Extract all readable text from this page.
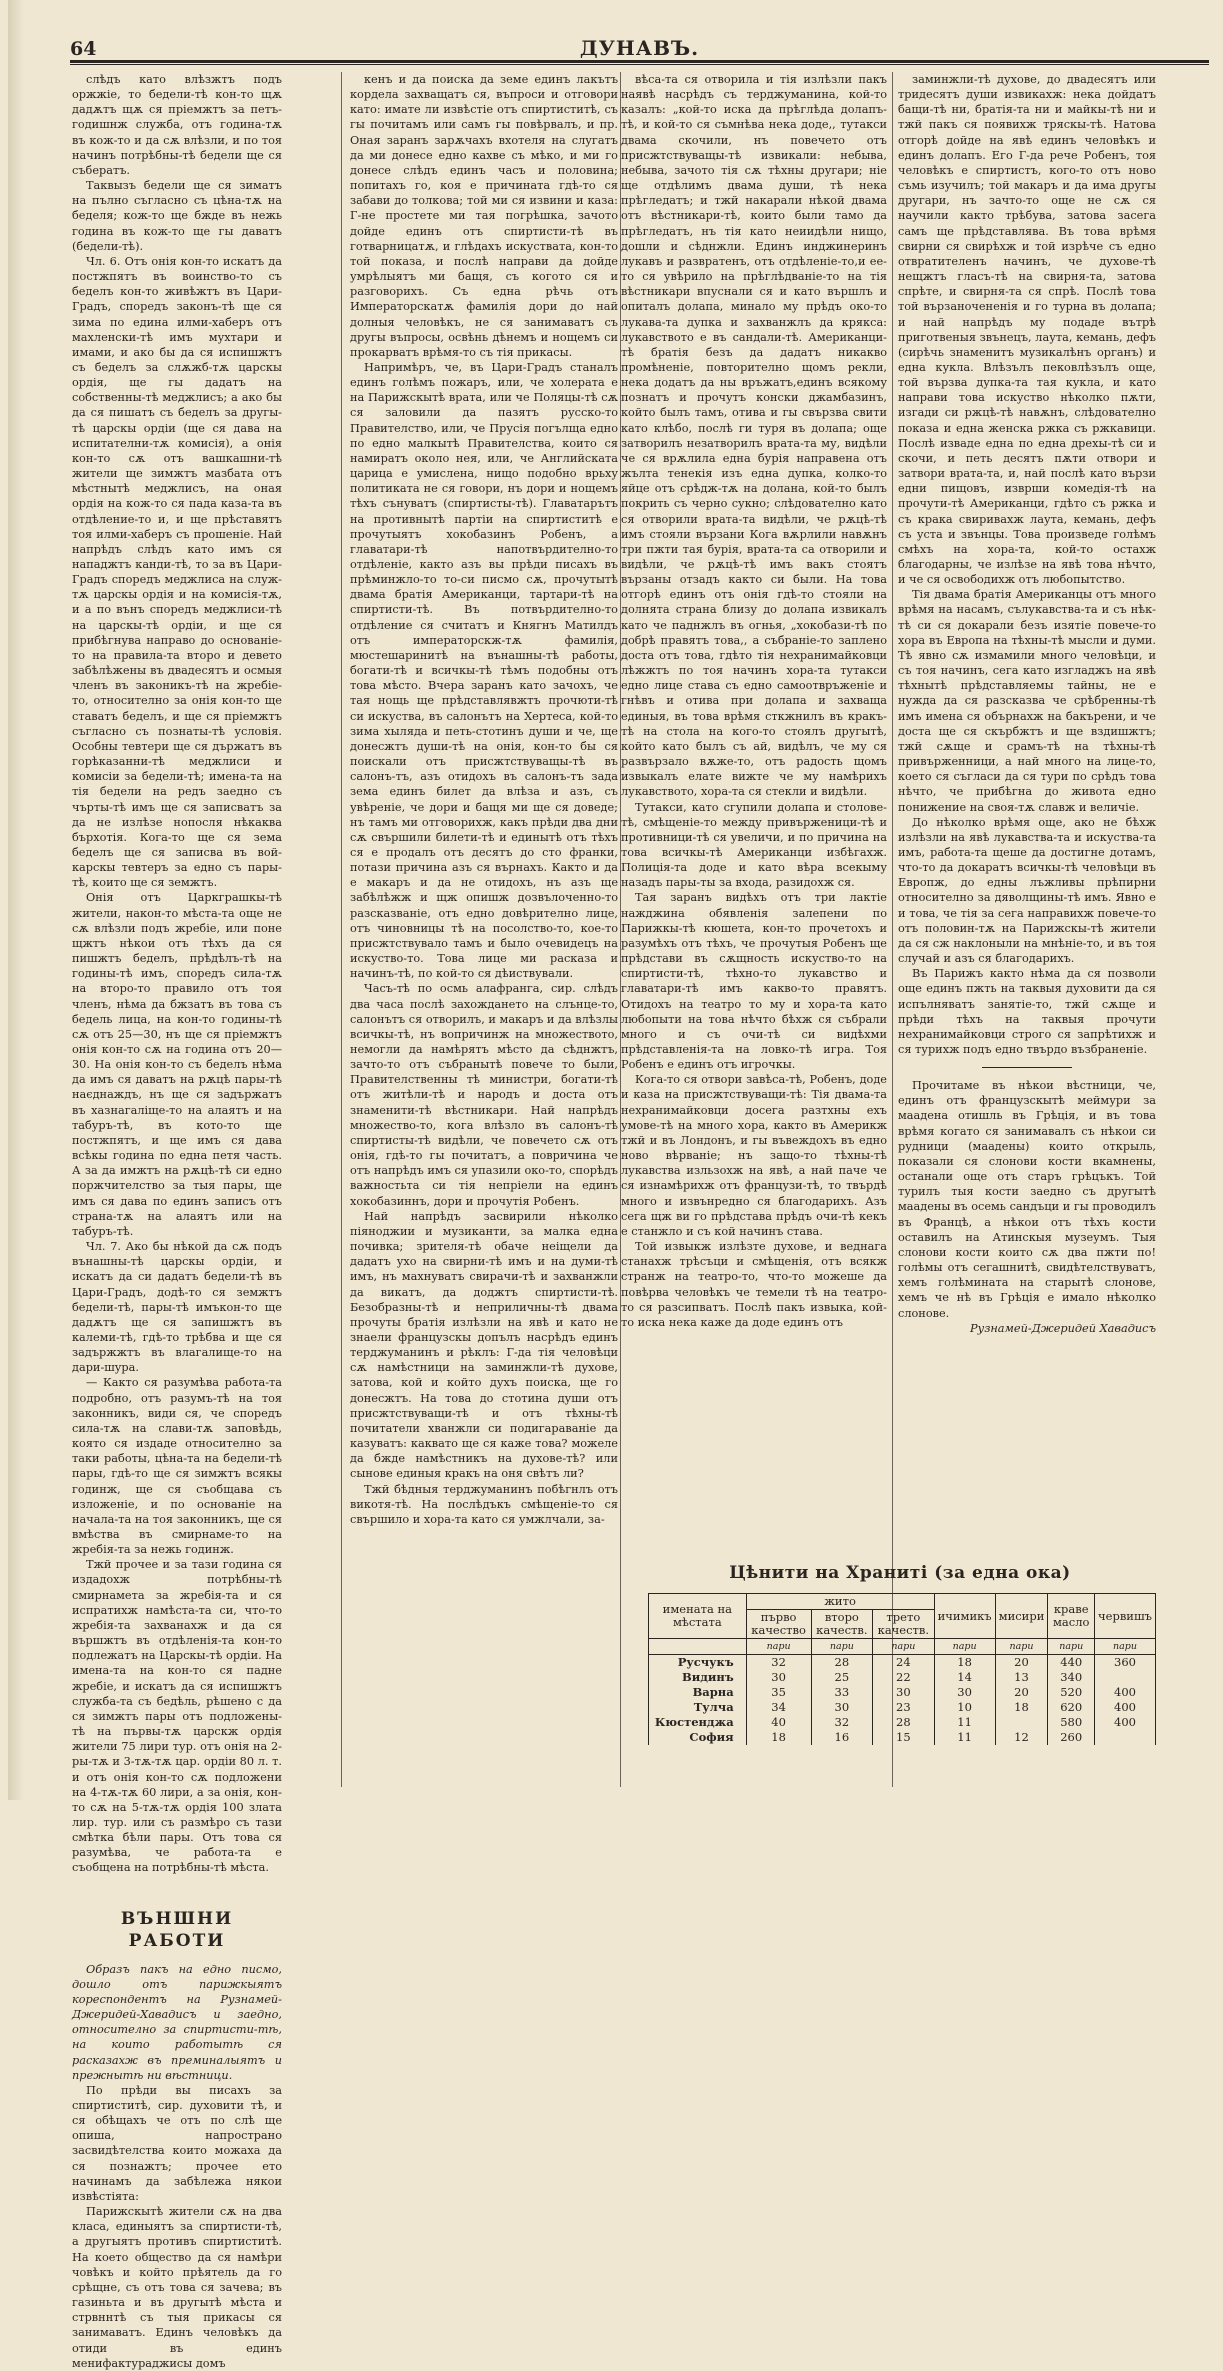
64	ДУНАВЪ.

слѣдъ като влѣзжтъ подъ оржжіе, то бедели-тѣ кон-то щѫ дадѫтъ щѫ ся пріемжтъ за петъ-годишнж служба, отъ година-тѫ въ кож-то и да сѫ влѣзли, и по тоя начинъ потрѣбны-тѣ бедели ще ся събератъ.

Таквызъ бедели ще ся зиматъ на пълно съгласно съ цѣна-тѫ на беделя; кож-то ще бжде въ нежь година въ кож-то ще гы даватъ (бедели-тѣ).

Чл. 6. Отъ онія кон-то искатъ да постжпятъ въ воинство-то съ беделъ кон-то живѣжтъ въ Цари-Градъ, споредъ законъ-тѣ ще ся зима по едина илми-хаберъ отъ махленски-тѣ имъ мухтари и имами, и ако бы да ся испишжтъ съ беделъ за слѫжб-тѫ царскы ордія, ще гы дадатъ на собственны-тѣ меджлисъ; а ако бы да ся пишатъ съ беделъ за другы-тѣ царскы ордіи (ще ся дава на испитателни-тѫ комисія), а онія кон-то сѫ отъ вашкашни-тѣ жители ще зимжтъ мазбата отъ мѣстнытѣ меджлисъ, на оная ордія на кож-то ся пада каза-та въ отдѣление-то и, и ще прѣставятъ тоя илми-хаберъ съ прошеніе. Най напрѣдъ слѣдъ като имъ ся нападжтъ канди-тѣ, то за въ Цари-Градъ споредъ меджлиса на служ-тѫ царскы ордія и на комисія-тѫ, и а по вънъ споредъ меджлиси-тѣ на царскы-тѣ ордіи, и ще ся прибѣгнува направо до основаніе-то на правила-та второ и девето забѣлѣжены въ двадесятъ и осмыя членъ въ законикъ-тѣ на жребіе-то, относително за онія кон-то ще ставатъ беделъ, и ще ся пріемжтъ съгласно съ познаты-тѣ условія. Особны тевтери ще ся държатъ въ горѣказанни-тѣ меджлиси и комисіи за бедели-тѣ; имена-та на тія бедели на редъ заедно съ чърты-тѣ имъ ще ся записватъ за да не излѣзе нопосля нѣкаква бърхотія. Кога-то ще ся зема беделъ ще ся записва въ вой-карскы тевтеръ за едно съ пары-тѣ, които ще ся земжтъ.

Онія отъ Царкграшкы-тѣ жители, након-то мѣста-та още не сѫ влѣзли подъ жребіе, или поне щжтъ нѣкои отъ тѣхъ да ся пишжтъ беделъ, прѣдѣлъ-тѣ на годины-тѣ имъ, споредъ сила-тѫ на второ-то правило отъ тоя членъ, нѣма да бжзатъ въ това съ бедель лица, на кон-то годины-тѣ сѫ отъ 25—30, нъ ще ся пріемжтъ онія кон-то сѫ на година отъ 20—30. На онія кон-то съ беделъ нѣма да имъ ся даватъ на рѫцѣ пары-тѣ наєднаждъ, нъ ще ся задържатъ въ хазнагаліще-то на алаятъ и на табуръ-тѣ, въ кото-то ще постжпятъ, и ще имъ ся дава всѣкы година по една петя часть. А за да имжтъ на рѫцѣ-тѣ си едно поржчителство за тыя пары, ще имъ ся дава по единъ записъ отъ страна-тѫ на алаятъ или на табуръ-тѣ.

Чл. 7. Ако бы нѣкой да сѫ подъ вънашны-тѣ царскы ордіи, и искатъ да си дадатъ бедели-тѣ въ Цари-Градъ, додѣ-то ся земжтъ бедели-тѣ, пары-тѣ имъкон-то ще дадѫтъ ще ся запишжтъ въ калеми-тѣ, гдѣ-то трѣбва и ще ся задържжтъ въ влагалище-то на дари-шура.

— Както ся разумѣва работа-та подробно, отъ разумъ-тѣ на тоя законникъ, види ся, че споредъ сила-тѫ на слави-тѫ заповѣдь, която ся издаде относително за таки работы, цѣна-та на бедели-тѣ пары, гдѣ-то ще ся зимжтъ всякы годинж, ще ся съобщава съ изложеніе, и по основаніе на начала-та на тоя законникъ, ще ся вмѣства въ смирнаме-то на жребія-та за нежь годинж.

Тжй прочее и за тази година ся издадохж потрѣбны-тѣ смирнамета за жребія-та и ся испратихж намѣста-та си, что-то жребія-та захванахж и да ся вършжтъ въ отдѣленія-та кон-то подлежатъ на Царскы-тѣ ордіи. На имена-та на кон-то ся падне жребіе, и искатъ да ся испишжтъ служба-та съ бедѣль, рѣшено с да ся зимжтъ пары отъ подложены-тѣ на първы-тѫ царскж ордія жители 75 лири тур. отъ онія на 2-ры-тѫ и 3-тѫ-тѫ цар. ордіи 80 л. т. и отъ онія кон-то сѫ подложени на 4-тѫ-тѫ 60 лири, а за онія, кон-то сѫ на 5-тѫ-тѫ ордія 100 злата лир. тур. или съ размѣро съ тази смѣтка бѣли пары. Отъ това ся разумѣва, че работа-та е съобщена на потрѣбны-тѣ мѣста.

ВЪНШНИ РАБОТИ

Образъ пакъ на едно писмо, дошло отъ парижкыятъ кореспондентъ на Рузнамей-Джеридей-Хавадисъ и заедно, относително за спиртисти-тѣ, на които работытѣ ся расказахж въ преминалыятъ и прежнытѣ ни вѣстници.

По прѣди вы писахъ за спиртиститѣ, сир. духовити тѣ, и ся обѣщахъ че отъ по слѣ ще опиша, напространо засвидѣтелства които можаха да ся познажтъ; прочее ето начинамъ да забѣлежа някои извѣстіята:

Парижскытѣ жители сѫ на два класа, единыятъ за спиртисти-тѣ, а другыятъ противъ спиртиститѣ. На което общество да ся намѣри човѣкъ и който прѣятель да го срѣщне, съ отъ това ся зачева; въ газиньта и въ другытѣ мѣста и стрвннтѣ съ тыя прикасы ся занимаватъ. Единъ человѣкъ да отиди въ единъ менифактураджисы домъ

кенъ и да поиска да земе единъ лакътъ кордела захващатъ ся, въпроси и отговори като: имате ли извѣстіе отъ спиртиститѣ, съ гы почитамъ или самъ гы повѣрвалъ, и пр. Оная заранъ зарѫчахъ вхотеля на слугатъ да ми донесе едно кахве съ мѣко, и ми го донесе слѣдъ единъ часъ и половина; попитахъ го, коя е причината гдѣ-то ся забави до толкова; той ми ся извини и каза: Г-не простете ми тая погрѣшка, зачото дойде единъ отъ спиртисти-тѣ въ готварницатѫ, и глѣдахъ искуствата, кон-то той показа, и послѣ направи да дойде умрѣлыятъ ми бащя, съ когото ся и разговорихъ. Съ една рѣчь отъ Императорскатѫ фамилія дори до най долныя человѣкъ, не ся занимаватъ съ другы въпросы, освѣнь дѣнемъ и нощемъ си прокарватъ врѣмя-то съ тія прикасы.

Напримѣръ, че, въ Цари-Градъ станалъ единъ голѣмъ пожаръ, или, че холерата е на Парижскытѣ врата, или че Поляцы-тѣ сѫ ся заловили да пазятъ русско-то Правителство, или, че Прусія погълща едно по едно малкытѣ Правителства, които ся намиратъ около нея, или, че Английската царица е умислена, нищо подобно врьху политиката не ся говори, нъ дори и нощемъ тѣхъ сънуватъ (спиртисты-тѣ). Главатарътъ на противнытѣ партіи на спиртиститѣ е прочутыятъ хокобазинъ Робенъ, а главатари-тѣ напотвърдително-то отдѣленіе, както азъ вы прѣди писахъ въ прѣминжло-то то-си писмо сѫ, прочутытѣ двама братія Американци, тартари-тѣ на спиртисти-тѣ. Въ потвърдително-то отдѣление ся считатъ и Княгнъ Матилдъ отъ императорскж-тѫ фамилія, мюстешаринитѣ на вънашны-тѣ работы, богати-тѣ и всичкы-тѣ тѣмъ подобны отъ това мѣсто. Вчера заранъ като зачохъ, че тая нощь ще прѣдставлявжтъ прочюти-тѣ си искуства, въ салонътъ на Хертеса, кой-то зима хыляда и петь-стотинъ души и че, ще донесжтъ души-тѣ на онія, кон-то бы ся поискали отъ присжтствуващы-тѣ въ салонъ-тъ, азъ отидохъ въ салонъ-тъ зада зема единъ билет да влѣза и азъ, съ увѣреніе, че дори и бащя ми ще ся доведе; нъ тамъ ми отговорихж, какъ прѣди два дни сѫ свършили билети-тѣ и единытѣ отъ тѣхъ ся е продалъ отъ десятъ до сто франки, потази причина азъ ся върнахъ. Както и да е макаръ и да не отидохъ, нъ азъ ще забѣлѣжж и щж опишж дозвълоченно-то разсказваніе, отъ едно довѣрително лице, отъ чиновницы тѣ на посолство-то, кое-то присжтствувало тамъ и было очевидецъ на искуство-то. Това лице ми расказа и начинъ-тѣ, по кой-то ся дѣиствували.

Часъ-тѣ по осмь алафранга, сир. слѣдъ два часа послѣ захождането на слънце-то, салонътъ ся отворилъ, и макаръ и да влѣзлы всичкы-тѣ, нъ вопричинж на множеството, немогли да намѣрятъ мѣсто да сѣднжтъ, зачто-то отъ събранытѣ повече то были, Правителственны тѣ министри, богати-тѣ отъ житѣли-тѣ и народъ и доста отъ знаменити-тѣ вѣстникари. Най напрѣдъ множество-то, кога влѣзло въ салонъ-тѣ спиртисты-тѣ видѣли, че повечето сѫ отъ онія, гдѣ-то гы почитатъ, а повричина че отъ напрѣдъ имъ ся упазили око-то, спорѣдъ важностьта си тія непріели на единъ хокобазиннъ, дори и прочутія Робенъ.

Най напрѣдъ засвирили нѣколко піяноджии и музиканти, за малка една почивка; зрителя-тѣ обаче неіщели да дадатъ ухо на свирни-тѣ имъ и на думи-тѣ имъ, нъ махнуватъ свирачи-тѣ и захванжли да викатъ, да доджтъ спиртисти-тѣ. Безобразны-тѣ и неприличны-тѣ двама прочуты братія излѣзли на явѣ и като не знаели французскы допълъ насрѣдъ единъ терджуманинъ и рѣклъ: Г-да тія человѣци сѫ намѣстници на заминжли-тѣ духове, затова, кой и който духъ поиска, ще го донесжтъ. На това до стотина души отъ присжтствуващи-тѣ и отъ тѣхны-тѣ почитатели хванжли си подигараваніе да казуватъ: каквато ще ся каже това? можеле да бжде намѣстникъ на духове-тѣ? или сынове единыя кракъ на оня свѣтъ ли?

Тжй бѣдныя терджуманинъ побѣгнлъ отъ викотя-тѣ. На послѣдъкъ смѣщеніе-то ся свършило и хора-та като ся умжлчали, за-

вѣса-та ся отворила и тія излѣзли пакъ наявѣ насрѣдъ съ терджуманина, кой-то казалъ: „кой-то иска да прѣглѣда долапъ-тѣ, и кой-то ся съмнѣва нека доде,, тутакси двама скочили, нъ повечето отъ присжтствуващы-тѣ извикали: небыва, небыва, зачото тія сѫ тѣхны другари; ніе ще отдѣлимъ двама души, тѣ нека прѣгледатъ; и тжй накарали нѣкой двама отъ вѣстникари-тѣ, които были тамо да прѣгледатъ, нъ тія като неиидѣли нищо, дошли и сѣднжли. Единъ инджинеринъ лукавъ и развратенъ, отъ отдѣленіе-то,и ее-то ся увѣрило на прѣглѣдваніе-то на тія вѣстникари впуснали ся и като вършлъ и опиталъ долапа, минало му прѣдъ око-то лукава-та дупка и захванжлъ да крякса: лукавството е въ сандали-тѣ. Американци-тѣ братія безъ да дадатъ никакво промѣненіе, повторително щомъ рекли, нека додатъ да ны връжатъ,единъ всякому познатъ и прочутъ конски джамбазинъ, който былъ тамъ, отива и гы свързва свити като клѣбо, послѣ ги туря въ долапа; още затворилъ незатворилъ врата-та му, видѣли че ся врѫлила една бурія направена отъ жълта тенекія изъ една дупка, колко-то яйце отъ срѣдж-тѫ на долана, кой-то былъ покрить съ черно сукно; слѣдователно като ся отворили врата-та видѣли, че рѫцѣ-тѣ имъ стояли вързани Кога вѫрлили навѫнъ три пжти тая бурія, врата-та са отворили и видѣли, че рѫцѣ-тѣ имъ вакъ стоятъ вързаны отзадъ както си были. На това отгорѣ единъ отъ онія гдѣ-то стояли на долнята страна близу до долапа извикалъ като че паднжлъ въ огнья, „хокобази-тѣ по добрѣ правятъ това,, а събраніе-то заплено доста отъ това, гдѣто тія нехранимайковци лѣжжтъ по тоя начинъ хора-та тутакси едно лице става съ едно самоотвръженіе и гнѣвъ и отива при долапа и захваща единыя, въ това врѣмя сткжнилъ въ кракъ-тѣ на стола на кого-то стоялъ другытѣ, който като былъ съ ай, видѣлъ, че му ся развързало вѫже-то, отъ радость щомъ извыкалъ елате вижте че му намѣрихъ лукавството, хора-та ся стекли и видѣли.

Тутакси, като сгупили долапа и столове-тѣ, смѣщеніе-то между привърженици-тѣ и противници-тѣ ся увеличи, и по причина на това всичкы-тѣ Американци избѣгахж. Полиція-та доде и като вѣра всекыму назадъ пары-ты за входа, разидохж ся.

Тая заранъ видѣхъ отъ три лактіе нажджина обявленія залепени по Парижкы-тѣ кюшета, кон-то прочетохъ и разумѣхъ отъ тѣхъ, че прочутыя Робенъ ще прѣдстави въ сѫщность искуство-то на спиртисти-тѣ, тѣхно-то лукавство и главатари-тѣ имъ какво-то правятъ. Отидохъ на театро то му и хора-та като любопыти на това нѣчто бѣхж ся събрали много и съ очи-тѣ си видѣхми прѣдставленія-та на ловко-тѣ игра. Тоя Робенъ е единъ отъ игрочкы.

Кога-то ся отвори завѣса-тѣ, Робенъ, доде и каза на присжтствуващи-тѣ: Тія двама-та нехранимайковци досега разтхны ехъ умове-тѣ на много хора, както въ Америкж тжй и въ Лондонъ, и гы въвеждохъ въ едно ново вѣрваніе; нъ защо-то тѣхны-тѣ лукавства изльзохж на явѣ, а най паче че ся изнамѣрихж отъ французи-тѣ, то твърдѣ много и извънредно ся благодарихъ. Азъ сега щж ви го прѣдстава прѣдъ очи-тѣ кекъ е станжло и съ кой начинъ става.

Той извыкж излѣзте духове, и веднага станахж трѣсъци и смѣщенія, отъ всякж странж на театро-то, что-то можеше да повѣрва человѣкъ че темели тѣ на театро-то ся разсипватъ. Послѣ пакъ извыка, кой-то иска нека каже да доде единъ отъ

заминжли-тѣ духове, до двадесятъ или тридесятъ души извикахж: нека дойдатъ бащи-тѣ ни, братія-та ни и майкы-тѣ ни и тжй пакъ ся появихж тряскы-тѣ. Натова отгорѣ дойде на явѣ единъ человѣкъ и единъ долапъ. Его Г-да рече Робенъ, тоя человѣкъ е спиртистъ, кого-то отъ ново съмь изучилъ; той макаръ и да има другы другари, нъ зачто-то още не сѫ ся научили както трѣбува, затова засега самъ ще прѣдставлява. Въ това врѣмя свирни ся свирѣхж и той изрѣче съ едно отвратителенъ начинъ, че духове-тѣ нещжтъ гласъ-тѣ на свирня-та, затова спрѣте, и свирня-та ся спрѣ. Послѣ това той вързаночененія и го турна въ долапа; и най напрѣдъ му подаде вътрѣ приготвеныя звънецъ, лаута, кемань, дефъ (сирѣчь знаменитъ музикалѣнъ органъ) и една кукла. Влѣзълъ пековлѣзълъ още, той вързва дупка-та тая кукла, и като направи това искуство нѣколко пѫти, изгади си ржцѣ-тѣ навѫнъ, слѣдователно показа и една женска ржка съ ржкавици. Послѣ изваде една по една дрехы-тѣ си и скочи, и петь десятъ пѫти отвори и затвори врата-та, и, най послѣ като вързи едни пищовъ, изврши комедія-тѣ на прочути-тѣ Американци, гдѣто съ ржка и съ крака свиривахж лаута, кемань, дефъ съ уста и звънцы. Това произведе голѣмъ смѣхъ на хора-та, кой-то остахж благодарны, че излѣзе на явѣ това нѣчто, и че ся освободихж отъ любопытство.

Тія двама братія Американцы отъ много врѣмя на насамъ, сълукавства-та и съ нѣк-тѣ си ся докарали безъ изятіе повече-то хора въ Европа на тѣхны-тѣ мысли и думи. Тѣ явно сѫ измамили много человѣци, и съ тоя начинъ, сега като изгладжъ на явѣ тѣхнытѣ прѣдставляемы тайны, не е нужда да ся разсказва че срѣбренны-тѣ имъ имена ся обърнахж на бакърени, и че доста ще ся скърбжтъ и ще вздишжтъ; тжй сѫще и срамъ-тѣ на тѣхны-тѣ привърженници, а най много на лице-то, което ся съгласи да ся тури по срѣдъ това нѣчто, че прибѣгна до живота едно понижение на своя-тѫ славж и величіе.

До нѣколко врѣмя още, ако не бѣхж излѣзли на явѣ лукавства-та и искуства-та имъ, работа-та щеше да достигне дотамъ, что-то да докаратъ всичкы-тѣ человѣци въ Европж, до едны лъжливы прѣпирни относително за дяволщины-тѣ имъ. Явно е и това, че тія за сега направихж повече-то отъ половин-тѫ на Парижскы-тѣ жители да ся сж наклоныли на мнѣніе-то, и въ тоя случай и азъ ся благодарихъ.

Въ Парижъ както нѣма да ся позволи още единъ пжть на таквыя духовити да ся испълняватъ занятіе-то, тжй сѫще и прѣди тѣхъ на таквыя прочути нехранимайковци строго ся запрѣтихж и ся турихж подъ едно твърдо възбраненіе.

Прочитаме въ нѣкои вѣстници, че, единъ отъ французскытѣ меймури за маадена отишль въ Грѣція, и въ това врѣмя когато ся занимавалъ съ нѣкои си рудници (маадены) които открыль, показали ся слонови кости вкамнены, останали още отъ старъ грѣцъкъ. Той турилъ тыя кости заедно съ другытѣ маадены въ осемь сандъци и гы проводилъ въ Францѣ, а нѣкои отъ тѣхъ кости оставилъ на Атинскыя музеумъ. Тыя слонови кости които сѫ два пжти по! голѣмы отъ сегашнитѣ, свидѣтелствуватъ, хемъ голѣмината на старытѣ слонове, хемъ че нѣ въ Грѣція е имало нѣколко слонове.

Рузнамей-Джеридей Хавадисъ
Цѣнити на Храниті (за една ока)
имената на мѣстата	жито			ичимикъ	мисири	краве масло	червишъ
	първо качество	второ качеств.	трето качеств.				
	пари	пари	пари	пари	пари	пари	пари
Русчукъ	32	28	24	18	20	440	360
Видинъ	30	25	22	14	13	340	
Варна	35	33	30	30	20	520	400
Тулча	34	30	23	10	18	620	400
Кюстенджа	40	32	28	11		580	400
София	18	16	15	11	12	260	
